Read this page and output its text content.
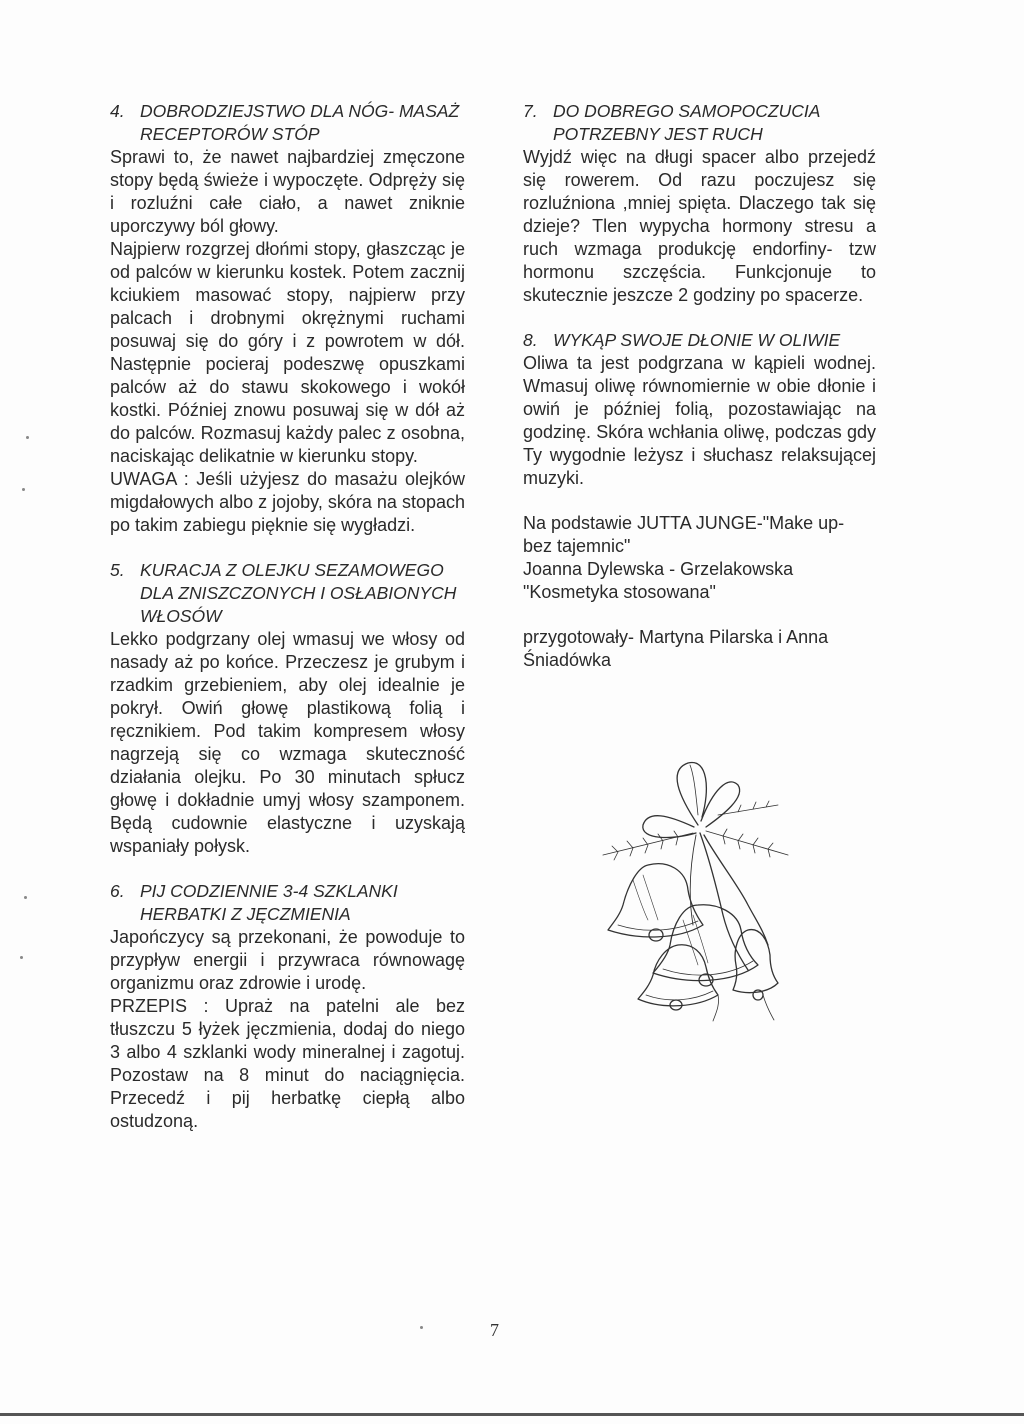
4. DOBRODZIEJSTWO DLA NÓG- MASAŻ RECEPTORÓW STÓP

Sprawi to, że nawet najbardziej zmęczone stopy będą świeże i wypoczęte. Odpręży się i rozluźni całe ciało, a nawet zniknie uporczywy ból głowy.

Najpierw rozgrzej dłońmi stopy, głaszcząc je od palców w kierunku kostek. Potem zacznij kciukiem masować stopy, najpierw przy palcach i drobnymi okrężnymi ruchami posuwaj się do góry i z powrotem w dół. Następnie pocieraj podeszwę opuszkami palców aż do stawu skokowego i wokół kostki. Później znowu posuwaj się w dół aż do palców. Rozmasuj każdy palec z osobna, naciskając delikatnie w kierunku stopy.

UWAGA : Jeśli użyjesz do masażu olejków migdałowych albo z jojoby, skóra na stopach po takim zabiegu pięknie się wygładzi.

5. KURACJA Z OLEJKU SEZAMOWEGO DLA ZNISZCZONYCH I OSŁABIONYCH WŁOSÓW

Lekko podgrzany olej wmasuj we włosy od nasady aż po końce. Przeczesz je grubym i rzadkim grzebieniem, aby olej idealnie je pokrył. Owiń głowę plastikową folią i ręcznikiem. Pod takim kompresem włosy nagrzeją się co wzmaga skuteczność działania olejku. Po 30 minutach spłucz głowę i dokładnie umyj włosy szamponem. Będą cudownie elastyczne i uzyskają wspaniały połysk.

6. PIJ CODZIENNIE 3-4 SZKLANKI HERBATKI Z JĘCZMIENIA

Japończycy są przekonani, że powoduje to przypływ energii i przywraca równowagę organizmu oraz zdrowie i urodę.

PRZEPIS : Upraż na patelni ale bez tłuszczu 5 łyżek jęczmienia, dodaj do niego 3 albo 4 szklanki wody mineralnej i zagotuj. Pozostaw na 8 minut do naciągnięcia. Przecedź i pij herbatkę ciepłą albo ostudzoną.

7. DO DOBREGO SAMOPOCZUCIA POTRZEBNY JEST RUCH

Wyjdź więc na długi spacer albo przejedź się rowerem. Od razu poczujesz się rozluźniona ,mniej spięta. Dlaczego tak się dzieje? Tlen wypycha hormony stresu a ruch wzmaga produkcję endorfiny- tzw hormonu szczęścia. Funkcjonuje to skutecznie jeszcze 2 godziny po spacerze.

8. WYKĄP SWOJE DŁONIE W OLIWIE

Oliwa ta jest podgrzana w kąpieli wodnej. Wmasuj oliwę równomiernie w obie dłonie i owiń je później folią, pozostawiając na godzinę. Skóra wchłania oliwę, podczas gdy Ty wygodnie leżysz i słuchasz relaksującej muzyki.

Na podstawie JUTTA JUNGE-"Make up-

bez tajemnic"

Joanna Dylewska - Grzelakowska

"Kosmetyka stosowana"

przygotowały- Martyna Pilarska i Anna Śniadówka

7
